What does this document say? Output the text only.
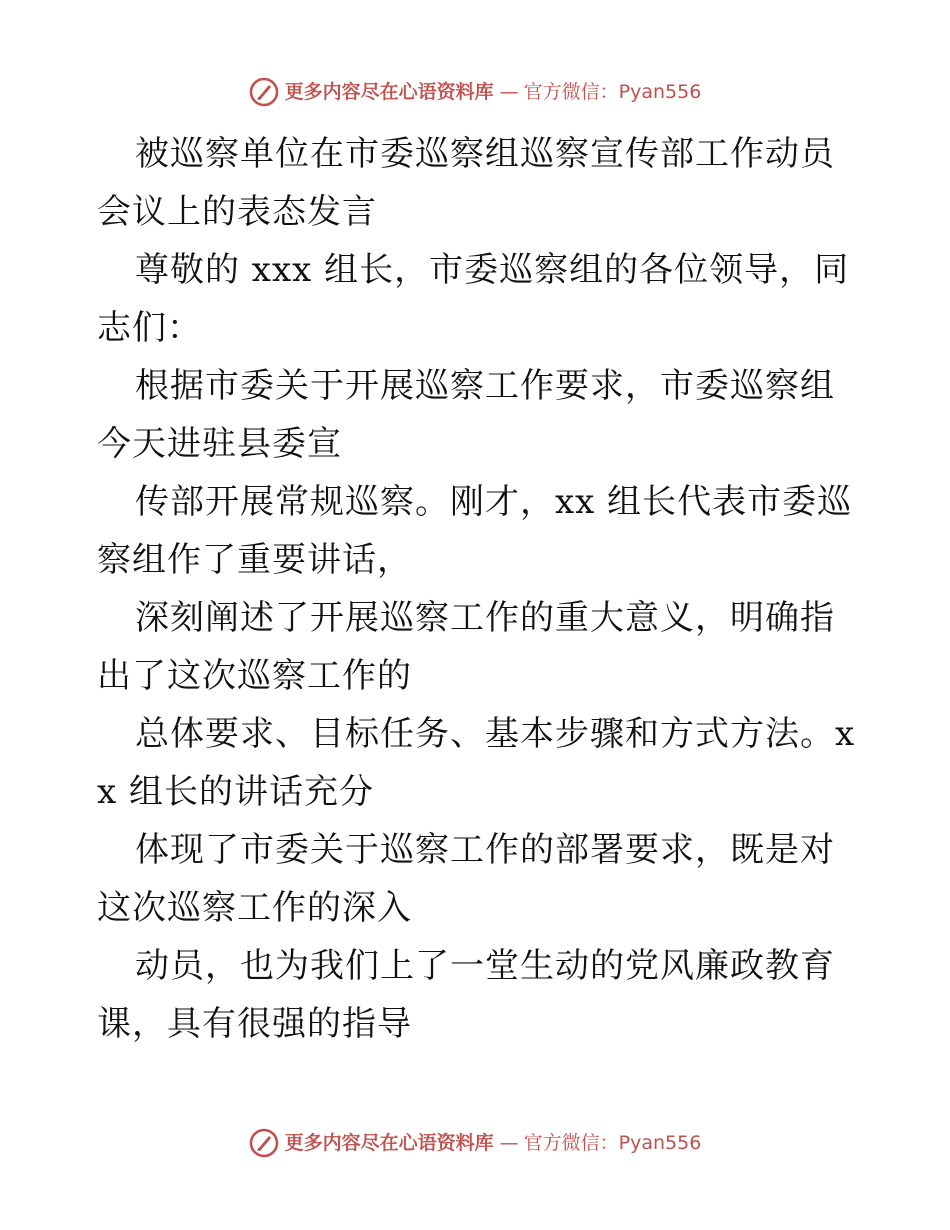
更多内容尽在心语资料库 — 官方微信：Pyan556

被巡察单位在市委巡察组巡察宣传部工作动员会议上的表态发言

尊敬的 xxx 组长，市委巡察组的各位领导，同志们：

根据市委关于开展巡察工作要求，市委巡察组今天进驻县委宣

传部开展常规巡察。刚才，xx 组长代表市委巡察组作了重要讲话，

深刻阐述了开展巡察工作的重大意义，明确指出了这次巡察工作的

总体要求、目标任务、基本步骤和方式方法。xx 组长的讲话充分

体现了市委关于巡察工作的部署要求，既是对这次巡察工作的深入

动员，也为我们上了一堂生动的党风廉政教育课，具有很强的指导

更多内容尽在心语资料库 — 官方微信：Pyan556
